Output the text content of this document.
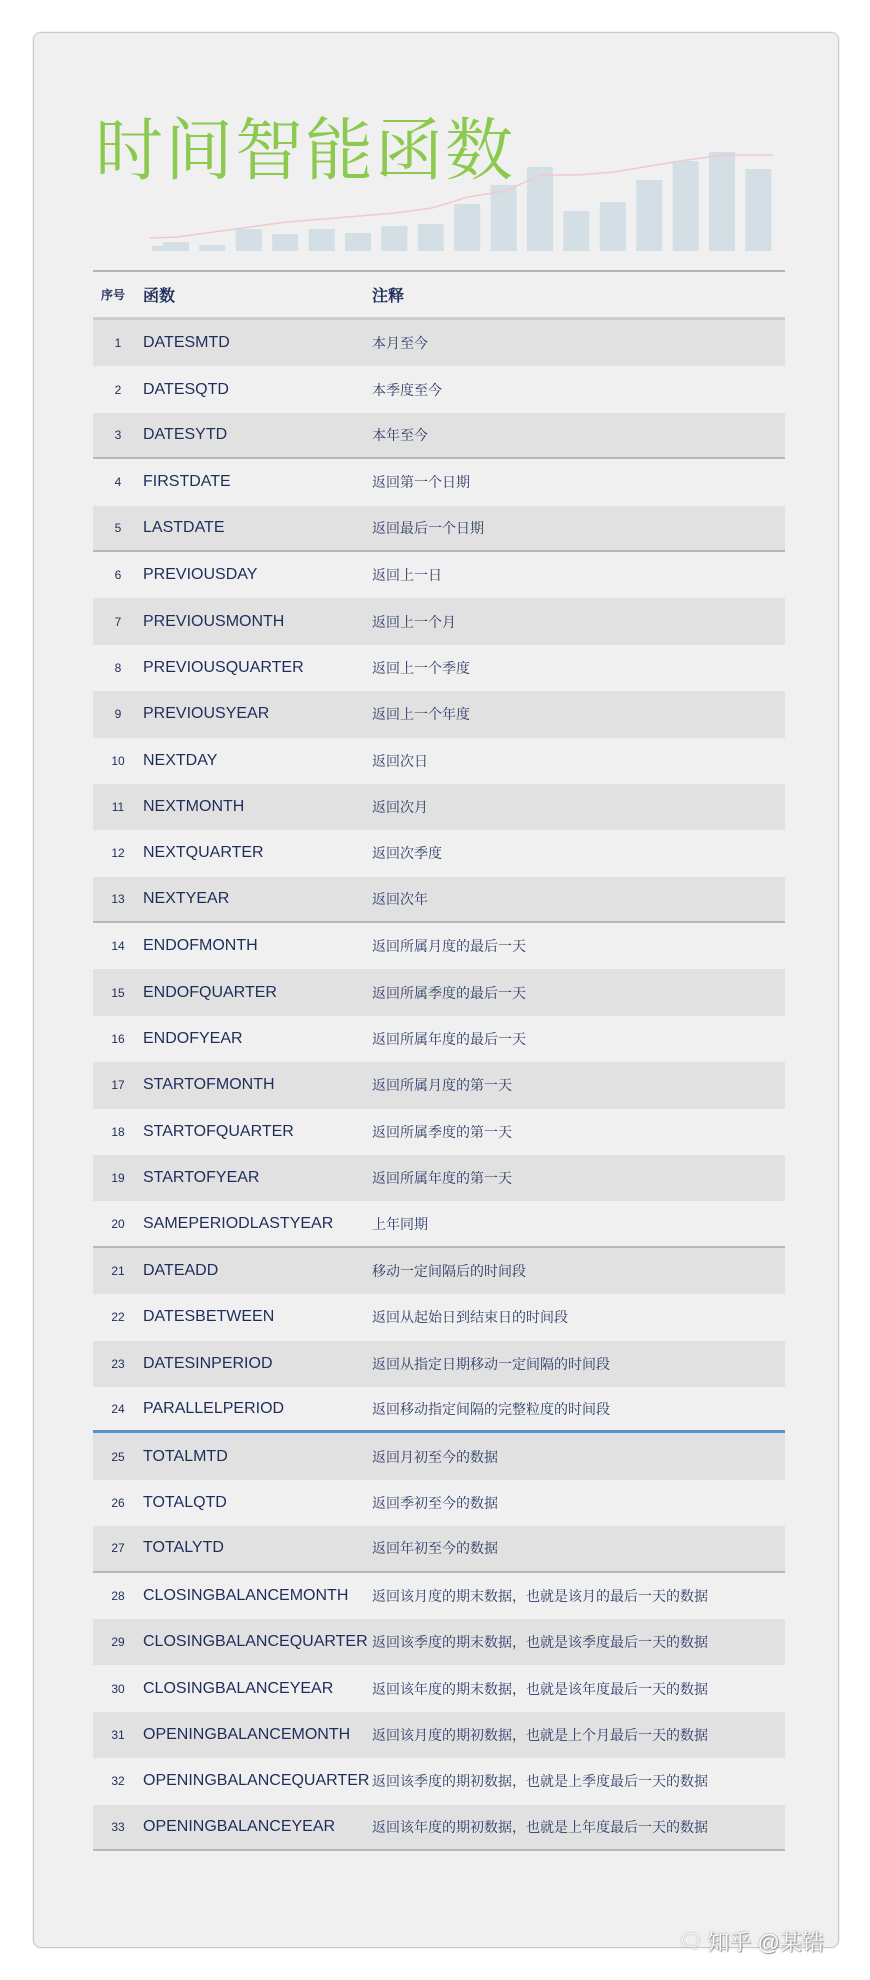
时间智能函数
序号	函数	注释
1	DATESMTD	本月至今
2	DATESQTD	本季度至今
3	DATESYTD	本年至今
4	FIRSTDATE	返回第一个日期
5	LASTDATE	返回最后一个日期
6	PREVIOUSDAY	返回上一日
7	PREVIOUSMONTH	返回上一个月
8	PREVIOUSQUARTER	返回上一个季度
9	PREVIOUSYEAR	返回上一个年度
10	NEXTDAY	返回次日
11	NEXTMONTH	返回次月
12	NEXTQUARTER	返回次季度
13	NEXTYEAR	返回次年
14	ENDOFMONTH	返回所属月度的最后一天
15	ENDOFQUARTER	返回所属季度的最后一天
16	ENDOFYEAR	返回所属年度的最后一天
17	STARTOFMONTH	返回所属月度的第一天
18	STARTOFQUARTER	返回所属季度的第一天
19	STARTOFYEAR	返回所属年度的第一天
20	SAMEPERIODLASTYEAR	上年同期
21	DATEADD	移动一定间隔后的时间段
22	DATESBETWEEN	返回从起始日到结束日的时间段
23	DATESINPERIOD	返回从指定日期移动一定间隔的时间段
24	PARALLELPERIOD	返回移动指定间隔的完整粒度的时间段
25	TOTALMTD	返回月初至今的数据
26	TOTALQTD	返回季初至今的数据
27	TOTALYTD	返回年初至今的数据
28	CLOSINGBALANCEMONTH	返回该月度的期末数据，也就是该月的最后一天的数据
29	CLOSINGBALANCEQUARTER 返回该季度的期末数据，也就是该季度最后一天的数据
30	CLOSINGBALANCEYEAR	返回该年度的期末数据，也就是该年度最后一天的数据
31	OPENINGBALANCEMONTH	返回该月度的期初数据，也就是上个月最后一天的数据
32	OPENINGBALANCEQUARTER 返回该季度的期初数据，也就是上季度最后一天的数据
33	OPENINGBALANCEYEAR	返回该年度的期初数据，也就是上年度最后一天的数据
🗨 知乎 @某锆
